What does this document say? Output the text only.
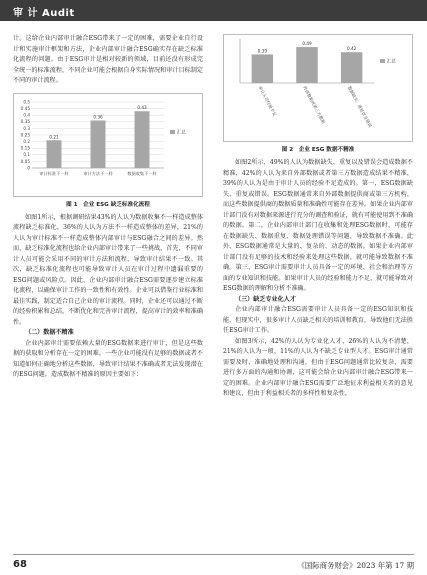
审 计 Audit

计。这给企业内部审计融合ESG带来了一定的困难，需要企业自行设计和实施审计框架和方法，企业内部审计融合ESG确实存在缺乏标准化流程的问题。由于ESG审计是相对较新的领域，目前还没有形成完全统一的标准流程，不同企业可能会根据自身实际情况和审计目标制定不同的审计流程。

0
0.05
0.1
0.15
0.2
0.25
0.3
0.35
0.4
0.45
0.5
0.21
审计标准不一样
0.36
审计方法不一样
0.43
数据收集不一样
汇总
图 1　企业 ESG 缺乏标准化流程

如图1所示，根据调研结果43%的人认为数据收集不一样造成整体流程缺乏标准化，36%的人认为方法不一样造成整体的差异，21%的人认为审计标准不一样造成整体内部审计与ESG融合之间的差异。然而，缺乏标准化流程也给企业内部审计带来了一些挑战，首先，不同审计人员可能会采用不同的审计方法和流程，导致审计结果不一致。其次，缺乏标准化流程也可能导致审计人员在审计过程中遗漏重要的ESG问题或风险点。因此，企业内部审计融合ESG需要逐步建立标准化流程，以确保审计工作的一致性和有效性。企业可以借鉴行业标准和最佳实践，制定适合自己企业的审计流程。同时，企业还可以通过不断的经验积累和总结，不断优化和完善审计流程，提高审计的效率和准确性。

（二）数据不精准

企业内部审计需要依赖大量的ESG数据来进行审计，但是这些数据的获取和分析存在一定的困难。一些企业可能没有足够的数据或者不知道如何正确地分析这些数据，导致审计结果不准确或者无法发现潜在的ESG问题。造成数据不精准的原因主要如下：

0.39
审计人员经验不足
0.49
外部数据或第三方数据
0.42
数据缺失、重复以及错误
汇总
图 2　企业 ESG 数据不精准

如图2所示，49%的人认为数据缺失、重复以及错误会造成数据不精准，42%的人认为来自外部数据或者第三方数据造成结果不精准，39%的人认为是由于审计人员的经验不足造成的。第一，ESG数据缺失、重复或错误。ESG数据通常来自外部数据提供商或第三方机构，而这些数据提供商的数据质量和准确性可能存在差异。如果企业内部审计部门没有对数据来源进行充分的调查和验证，就有可能使用到不准确的数据。第二，企业内部审计部门在收集和处理ESG数据时，可能存在数据缺失、数据重复、数据处理错误等问题，导致数据不准确。此外，ESG数据通常是大量的、复杂的、动态的数据。如果企业内部审计部门没有足够的技术和经验来处理这些数据，就可能导致数据不准确。第三，ESG审计需要审计人员具备一定的环境、社会和治理等方面的专业知识和技能。如果审计人员的经验和能力不足，就可能导致对ESG数据的理解和分析不准确。

（三）缺乏专业化人才

企业内部审计融合ESG需要审计人员具备一定的ESG知识和技能，但现实中，很多审计人员缺乏相关的培训和教育，导致他们无法胜任ESG审计工作。

如图3所示，42%的人认为专业化人才，26%的人认为不清楚，21%的人认为一般，11%的人认为不缺乏专业型人才。ESG审计通常需要及时、准确地处理和沟通，但由于ESG问题通常比较复杂，需要进行多方面的沟通和协调，这可能会给企业内部审计融合ESG带来一定的困难。企业内部审计融合ESG需要广泛地征求利益相关者的意见和建议，但由于利益相关者的多样性和复杂性，

68	《国际商务财会》2023 年第 17 期
